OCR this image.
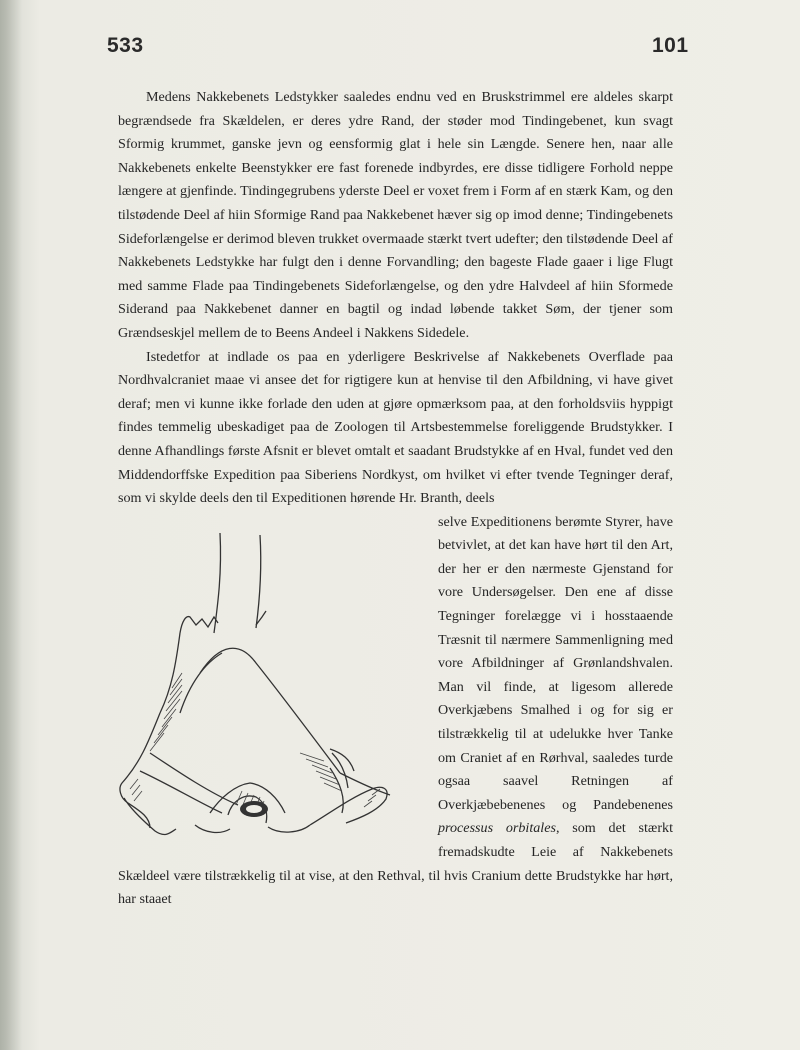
533	101

Medens Nakkebenets Ledstykker saaledes endnu ved en Bruskstrimmel ere aldeles skarpt begrændsede fra Skældelen, er deres ydre Rand, der støder mod Tindingebenet, kun svagt Sformig krummet, ganske jevn og eensformig glat i hele sin Længde. Senere hen, naar alle Nakkebenets enkelte Beenstykker ere fast forenede indbyrdes, ere disse tidligere Forhold neppe længere at gjenfinde. Tindingegrubens yderste Deel er voxet frem i Form af en stærk Kam, og den tilstødende Deel af hiin Sformige Rand paa Nakkebenet hæver sig op imod denne; Tindingebenets Sideforlængelse er derimod bleven trukket overmaade stærkt tvert udefter; den tilstødende Deel af Nakkebenets Ledstykke har fulgt den i denne Forvandling; den bageste Flade gaaer i lige Flugt med samme Flade paa Tindingebenets Sideforlængelse, og den ydre Halvdeel af hiin Sformede Siderand paa Nakkebenet danner en bagtil og indad løbende takket Søm, der tjener som Grændseskjel mellem de to Beens Andeel i Nakkens Sidedele.

Istedetfor at indlade os paa en yderligere Beskrivelse af Nakkebenets Overflade paa Nordhvalcraniet maae vi ansee det for rigtigere kun at henvise til den Afbildning, vi have givet deraf; men vi kunne ikke forlade den uden at gjøre opmærksom paa, at den forholdsviis hyppigt findes temmelig ubeskadiget paa de Zoologen til Artsbestemmelse foreliggende Brudstykker. I denne Afhandlings første Afsnit er blevet omtalt et saadant Brudstykke af en Hval, fundet ved den Middendorffske Expedition paa Siberiens Nordkyst, om hvilket vi efter tvende Tegninger deraf, som vi skylde deels den til Expeditionen hørende Hr. Branth, deels

selve Expeditionens berømte Styrer, have betvivlet, at det kan have hørt til den Art, der her er den nærmeste Gjenstand for vore Undersøgelser. Den ene af disse Tegninger forelægge vi i hosstaaende Træsnit til nærmere Sammenligning med vore Afbildninger af Grønlandshvalen. Man vil finde, at ligesom allerede Overkjæbens Smalhed i og for sig er tilstrækkelig til at udelukke hver Tanke om Craniet af en Rørhval, saaledes turde ogsaa saavel Retningen af Overkjæbebenenes og Pandebenenes processus orbitales, som det stærkt fremadskudte Leie af Nakkebenets Skældeel være tilstrækkelig til at vise, at den Rethval, til hvis Cranium dette Brudstykke har hørt, har staaet
